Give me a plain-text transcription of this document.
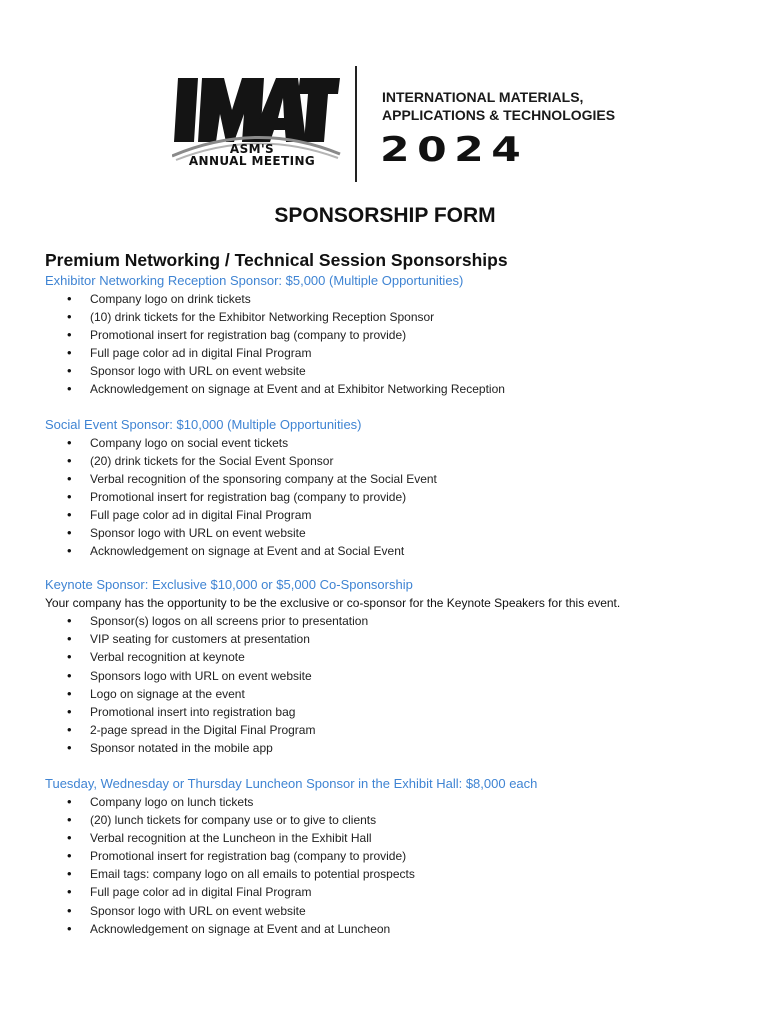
ASM'S
ANNUAL MEETING
INTERNATIONAL MATERIALS,
APPLICATIONS & TECHNOLOGIES
2024
SPONSORSHIP FORM
Premium Networking / Technical Session Sponsorships

Exhibitor Networking Reception Sponsor: $5,000 (Multiple Opportunities)

• Company logo on drink tickets
• (10) drink tickets for the Exhibitor Networking Reception Sponsor
• Promotional insert for registration bag (company to provide)
• Full page color ad in digital Final Program
• Sponsor logo with URL on event website
• Acknowledgement on signage at Event and at Exhibitor Networking Reception

Social Event Sponsor: $10,000 (Multiple Opportunities)

• Company logo on social event tickets
• (20) drink tickets for the Social Event Sponsor
• Verbal recognition of the sponsoring company at the Social Event
• Promotional insert for registration bag (company to provide)
• Full page color ad in digital Final Program
• Sponsor logo with URL on event website
• Acknowledgement on signage at Event and at Social Event

Keynote Sponsor: Exclusive $10,000 or $5,000 Co-Sponsorship

Your company has the opportunity to be the exclusive or co-sponsor for the Keynote Speakers for this event.

• Sponsor(s) logos on all screens prior to presentation
• VIP seating for customers at presentation
• Verbal recognition at keynote
• Sponsors logo with URL on event website
• Logo on signage at the event
• Promotional insert into registration bag
• 2-page spread in the Digital Final Program
• Sponsor notated in the mobile app

Tuesday, Wednesday or Thursday Luncheon Sponsor in the Exhibit Hall: $8,000 each

• Company logo on lunch tickets
• (20) lunch tickets for company use or to give to clients
• Verbal recognition at the Luncheon in the Exhibit Hall
• Promotional insert for registration bag (company to provide)
• Email tags: company logo on all emails to potential prospects
• Full page color ad in digital Final Program
• Sponsor logo with URL on event website
• Acknowledgement on signage at Event and at Luncheon
